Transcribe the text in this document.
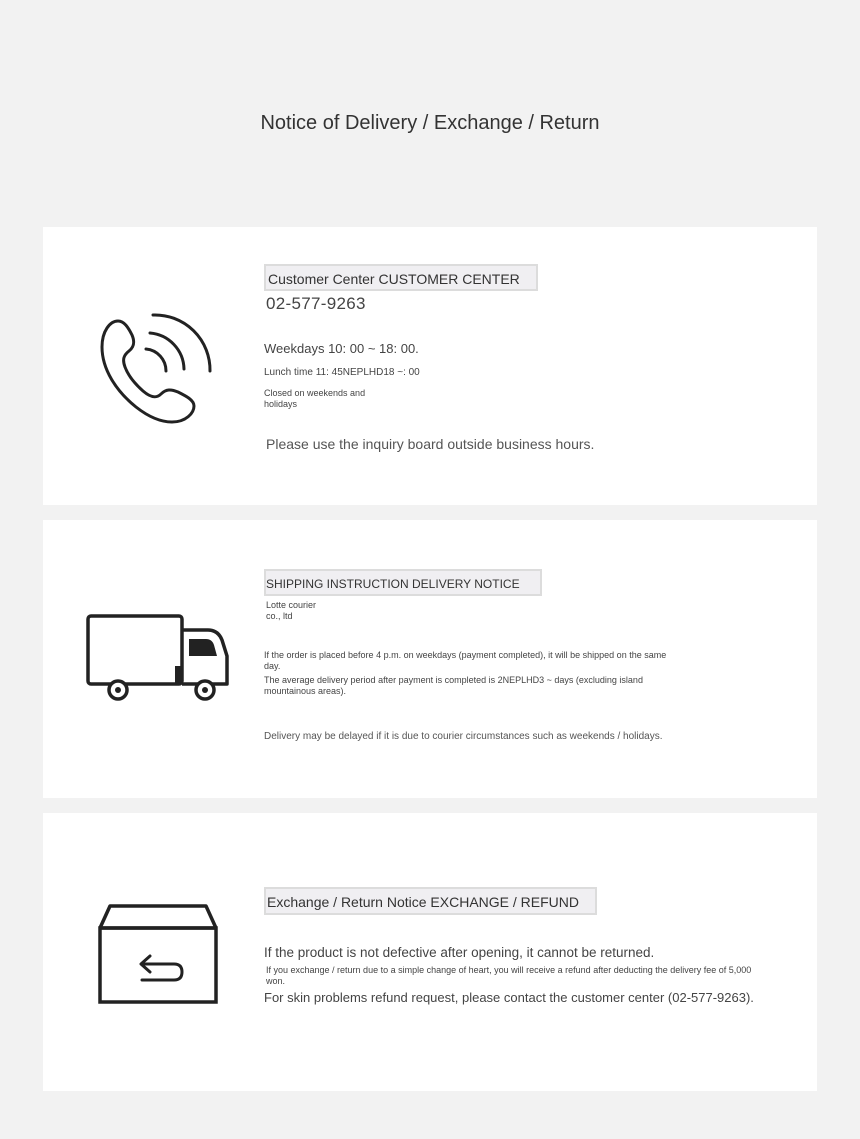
Notice of Delivery / Exchange / Return
Customer Center CUSTOMER CENTER
02-577-9263
Weekdays 10: 00 ~ 18: 00.
Lunch time 11: 45NEPLHD18 ~: 00
Closed on weekends and
holidays
Please use the inquiry board outside business hours.
SHIPPING INSTRUCTION DELIVERY NOTICE
Lotte courier
co., ltd
If the order is placed before 4 p.m. on weekdays (payment completed), it will be shipped on the same
day.
The average delivery period after payment is completed is 2NEPLHD3 ~ days (excluding island
mountainous areas).
Delivery may be delayed if it is due to courier circumstances such as weekends / holidays.
Exchange / Return Notice EXCHANGE / REFUND
If the product is not defective after opening, it cannot be returned.
If you exchange / return due to a simple change of heart, you will receive a refund after deducting the delivery fee of 5,000
won.
For skin problems refund request, please contact the customer center (02-577-9263).
